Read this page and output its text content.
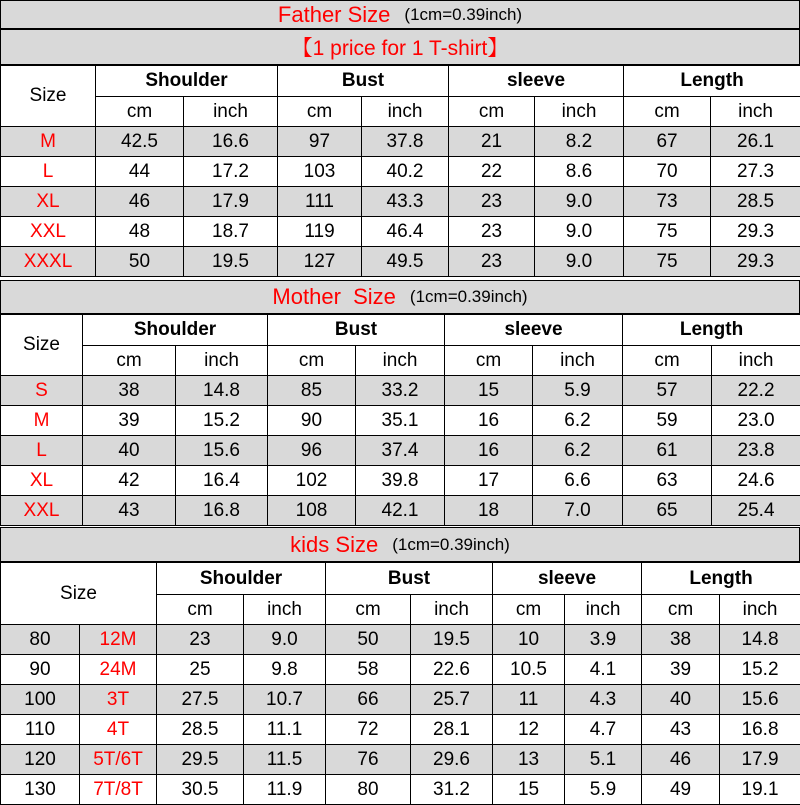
Father Size (1cm=0.39inch)
【1 price for 1 T-shirt】
Size	Shoulder		Bust		sleeve		Length	
	cm	inch	cm	inch	cm	inch	cm	inch
M	42.5	16.6	97	37.8	21	8.2	67	26.1
L	44	17.2	103	40.2	22	8.6	70	27.3
XL	46	17.9	111	43.3	23	9.0	73	28.5
XXL	48	18.7	119	46.4	23	9.0	75	29.3
XXXL	50	19.5	127	49.5	23	9.0	75	29.3
Mother  Size (1cm=0.39inch)
Size	Shoulder		Bust		sleeve		Length	
	cm	inch	cm	inch	cm	inch	cm	inch
S	38	14.8	85	33.2	15	5.9	57	22.2
M	39	15.2	90	35.1	16	6.2	59	23.0
L	40	15.6	96	37.4	16	6.2	61	23.8
XL	42	16.4	102	39.8	17	6.6	63	24.6
XXL	43	16.8	108	42.1	18	7.0	65	25.4
kids Size (1cm=0.39inch)
Size		Shoulder		Bust		sleeve		Length	
		cm	inch	cm	inch	cm	inch	cm	inch
80	12M	23	9.0	50	19.5	10	3.9	38	14.8
90	24M	25	9.8	58	22.6	10.5	4.1	39	15.2
100	3T	27.5	10.7	66	25.7	11	4.3	40	15.6
110	4T	28.5	11.1	72	28.1	12	4.7	43	16.8
120	5T/6T	29.5	11.5	76	29.6	13	5.1	46	17.9
130	7T/8T	30.5	11.9	80	31.2	15	5.9	49	19.1
